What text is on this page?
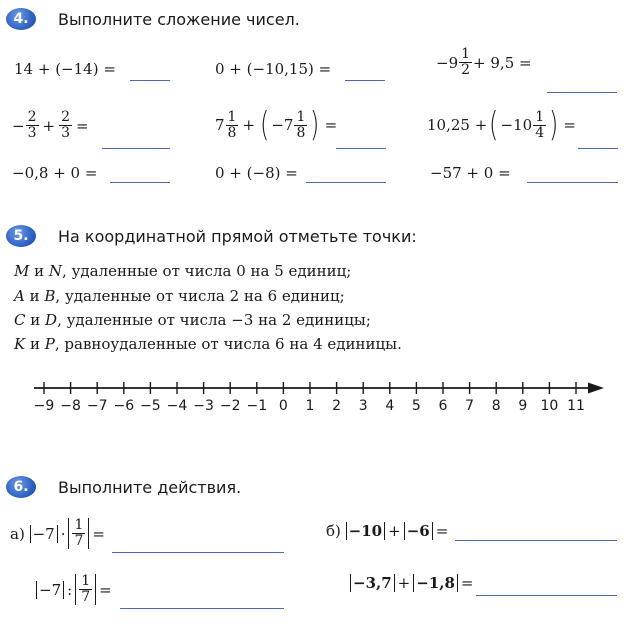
4. Выполните сложение чисел.
14 + (−14) =	0 + (−10,15) =	$-9 \frac{1}{2} + 9,5$ =
− $\frac{2}{3} + \frac{2}{3}$ =	$7 \frac{1}{8}$ + ( $-7 \frac{1}{8}$ ) =	10,25 + ( $-10 \frac{1}{4}$ ) =
−0,8 + 0 =	0 + (−8) =	−57 + 0 =
5. На координатной прямой отметьте точки:
M и N, удаленные от числа 0 на 5 единиц;
A и B, удаленные от числа 2 на 6 единиц;
C и D, удаленные от числа −3 на 2 единицы;
K и P, равноудаленные от числа 6 на 4 единицы.
−9 −8 −7 −6 −5 −4 −3 −2 −1 0 1 2 3 4 5 6 7 8 9 10 11
6. Выполните действия.
а)
$-7 \cdot \frac{1}{7}$ =
−7 : $\frac{1}{7}$ =
б)
−10 + −6 =
−3,7 + −1,8 =
